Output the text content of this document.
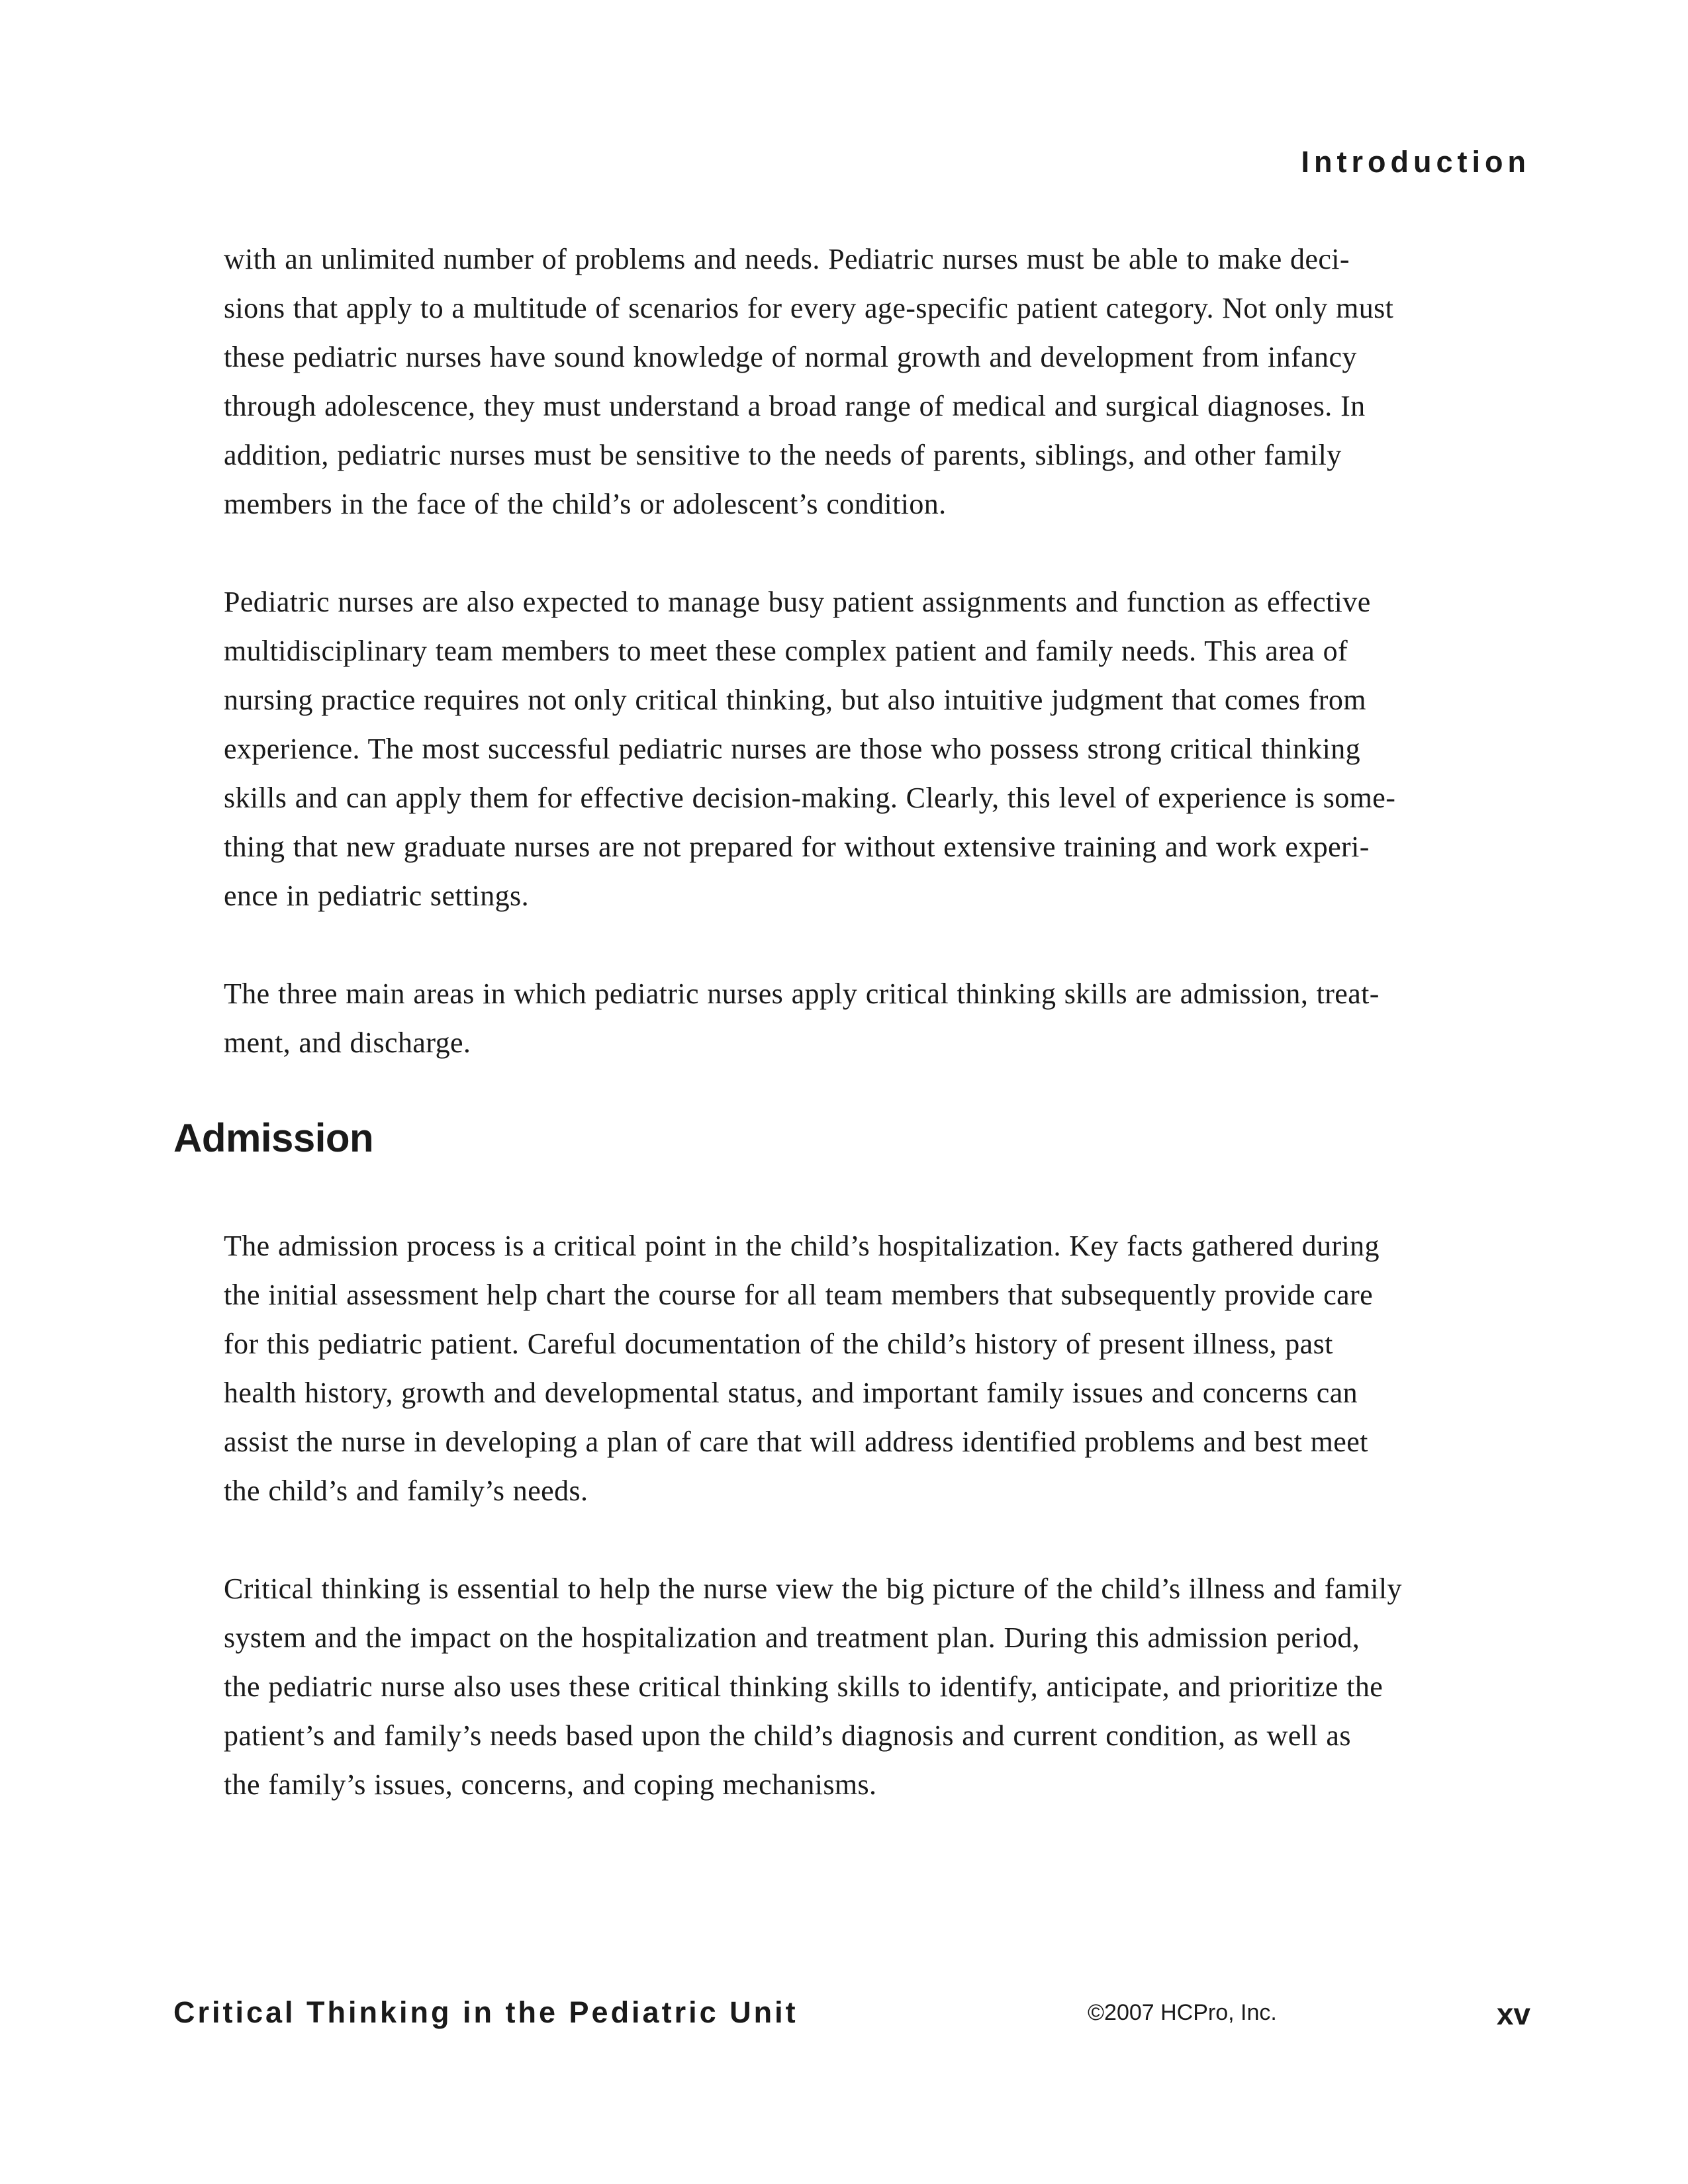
Introduction

with an unlimited number of problems and needs. Pediatric nurses must be able to make deci-
sions that apply to a multitude of scenarios for every age-specific patient category. Not only must
these pediatric nurses have sound knowledge of normal growth and development from infancy
through adolescence, they must understand a broad range of medical and surgical diagnoses. In
addition, pediatric nurses must be sensitive to the needs of parents, siblings, and other family
members in the face of the child’s or adolescent’s condition.

Pediatric nurses are also expected to manage busy patient assignments and function as effective
multidisciplinary team members to meet these complex patient and family needs. This area of
nursing practice requires not only critical thinking, but also intuitive judgment that comes from
experience. The most successful pediatric nurses are those who possess strong critical thinking
skills and can apply them for effective decision-making. Clearly, this level of experience is some-
thing that new graduate nurses are not prepared for without extensive training and work experi-
ence in pediatric settings.

The three main areas in which pediatric nurses apply critical thinking skills are admission, treat-
ment, and discharge.

Admission

The admission process is a critical point in the child’s hospitalization. Key facts gathered during
the initial assessment help chart the course for all team members that subsequently provide care
for this pediatric patient. Careful documentation of the child’s history of present illness, past
health history, growth and developmental status, and important family issues and concerns can
assist the nurse in developing a plan of care that will address identified problems and best meet
the child’s and family’s needs.

Critical thinking is essential to help the nurse view the big picture of the child’s illness and family
system and the impact on the hospitalization and treatment plan. During this admission period,
the pediatric nurse also uses these critical thinking skills to identify, anticipate, and prioritize the
patient’s and family’s needs based upon the child’s diagnosis and current condition, as well as
the family’s issues, concerns, and coping mechanisms.

Critical Thinking in the Pediatric Unit	©2007 HCPro, Inc.	xv
